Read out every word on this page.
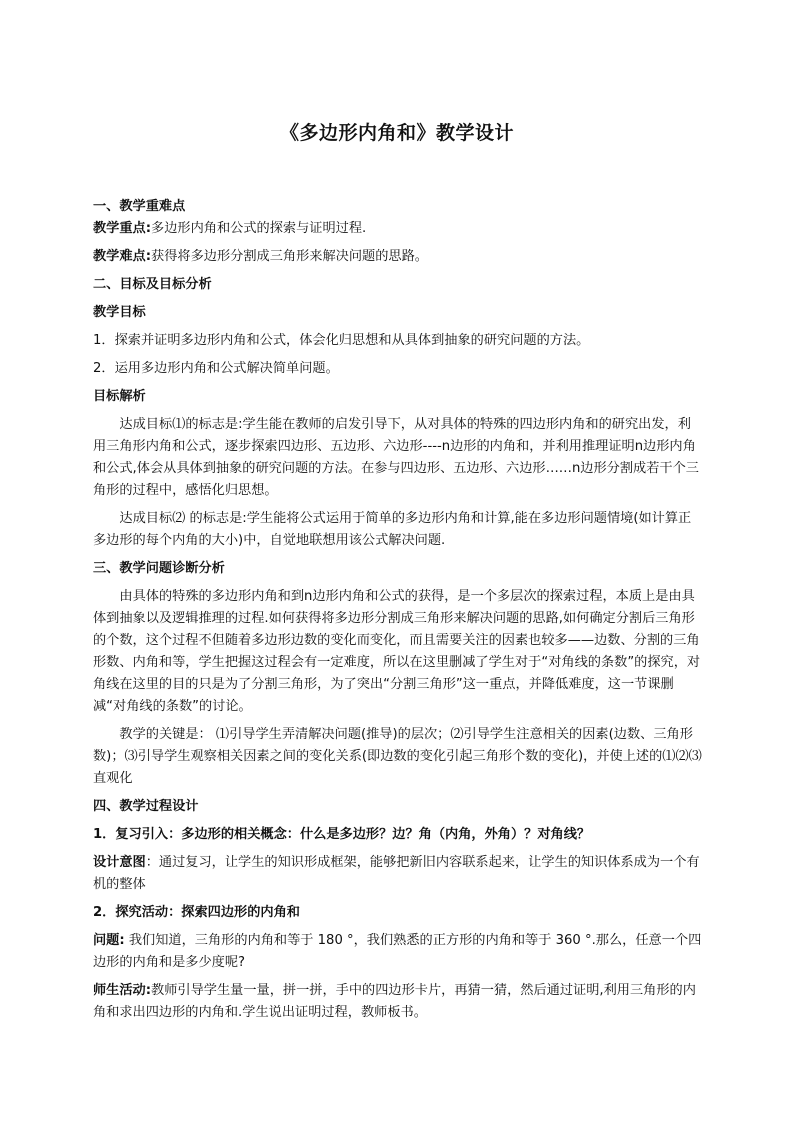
《多边形内角和》教学设计

一、教学重难点

教学重点:多边形内角和公式的探索与证明过程.

教学难点:获得将多边形分割成三角形来解决问题的思路。

二、目标及目标分析

教学目标

1．探索并证明多边形内角和公式，体会化归思想和从具体到抽象的研究问题的方法。

2．运用多边形内角和公式解决简单问题。

目标解析

达成目标⑴的标志是:学生能在教师的启发引导下，从对具体的特殊的四边形内角和的研究出发，利用三角形内角和公式，逐步探索四边形、五边形、六边形----n边形的内角和，并利用推理证明n边形内角和公式,体会从具体到抽象的研究问题的方法。在参与四边形、五边形、六边形……n边形分割成若干个三角形的过程中，感悟化归思想。

达成目标⑵ 的标志是:学生能将公式运用于简单的多边形内角和计算,能在多边形问题情境(如计算正多边形的每个内角的大小)中，自觉地联想用该公式解决问题.

三、教学问题诊断分析

由具体的特殊的多边形内角和到n边形内角和公式的获得，是一个多层次的探索过程，本质上是由具体到抽象以及逻辑推理的过程.如何获得将多边形分割成三角形来解决问题的思路,如何确定分割后三角形的个数，这个过程不但随着多边形边数的变化而变化，而且需要关注的因素也较多——边数、分割的三角形数、内角和等，学生把握这过程会有一定难度，所以在这里删减了学生对于“对角线的条数”的探究，对角线在这里的目的只是为了分割三角形，为了突出“分割三角形”这一重点，并降低难度，这一节课删减“对角线的条数”的讨论。

教学的关键是： ⑴引导学生弄清解决问题(推导)的层次；⑵引导学生注意相关的因素(边数、三角形数)；⑶引导学生观察相关因素之间的变化关系(即边数的变化引起三角形个数的变化)，并使上述的⑴⑵⑶直观化

四、教学过程设计

1．复习引入：多边形的相关概念：什么是多边形？边？角（内角，外角）？对角线？

设计意图：通过复习，让学生的知识形成框架，能够把新旧内容联系起来，让学生的知识体系成为一个有机的整体

2．探究活动：探索四边形的内角和

问题: 我们知道，三角形的内角和等于 180 °，我们熟悉的正方形的内角和等于 360 °.那么，任意一个四边形的内角和是多少度呢?

师生活动:教师引导学生量一量，拼一拼，手中的四边形卡片，再猜一猜，然后通过证明,利用三角形的内角和求出四边形的内角和.学生说出证明过程，教师板书。
